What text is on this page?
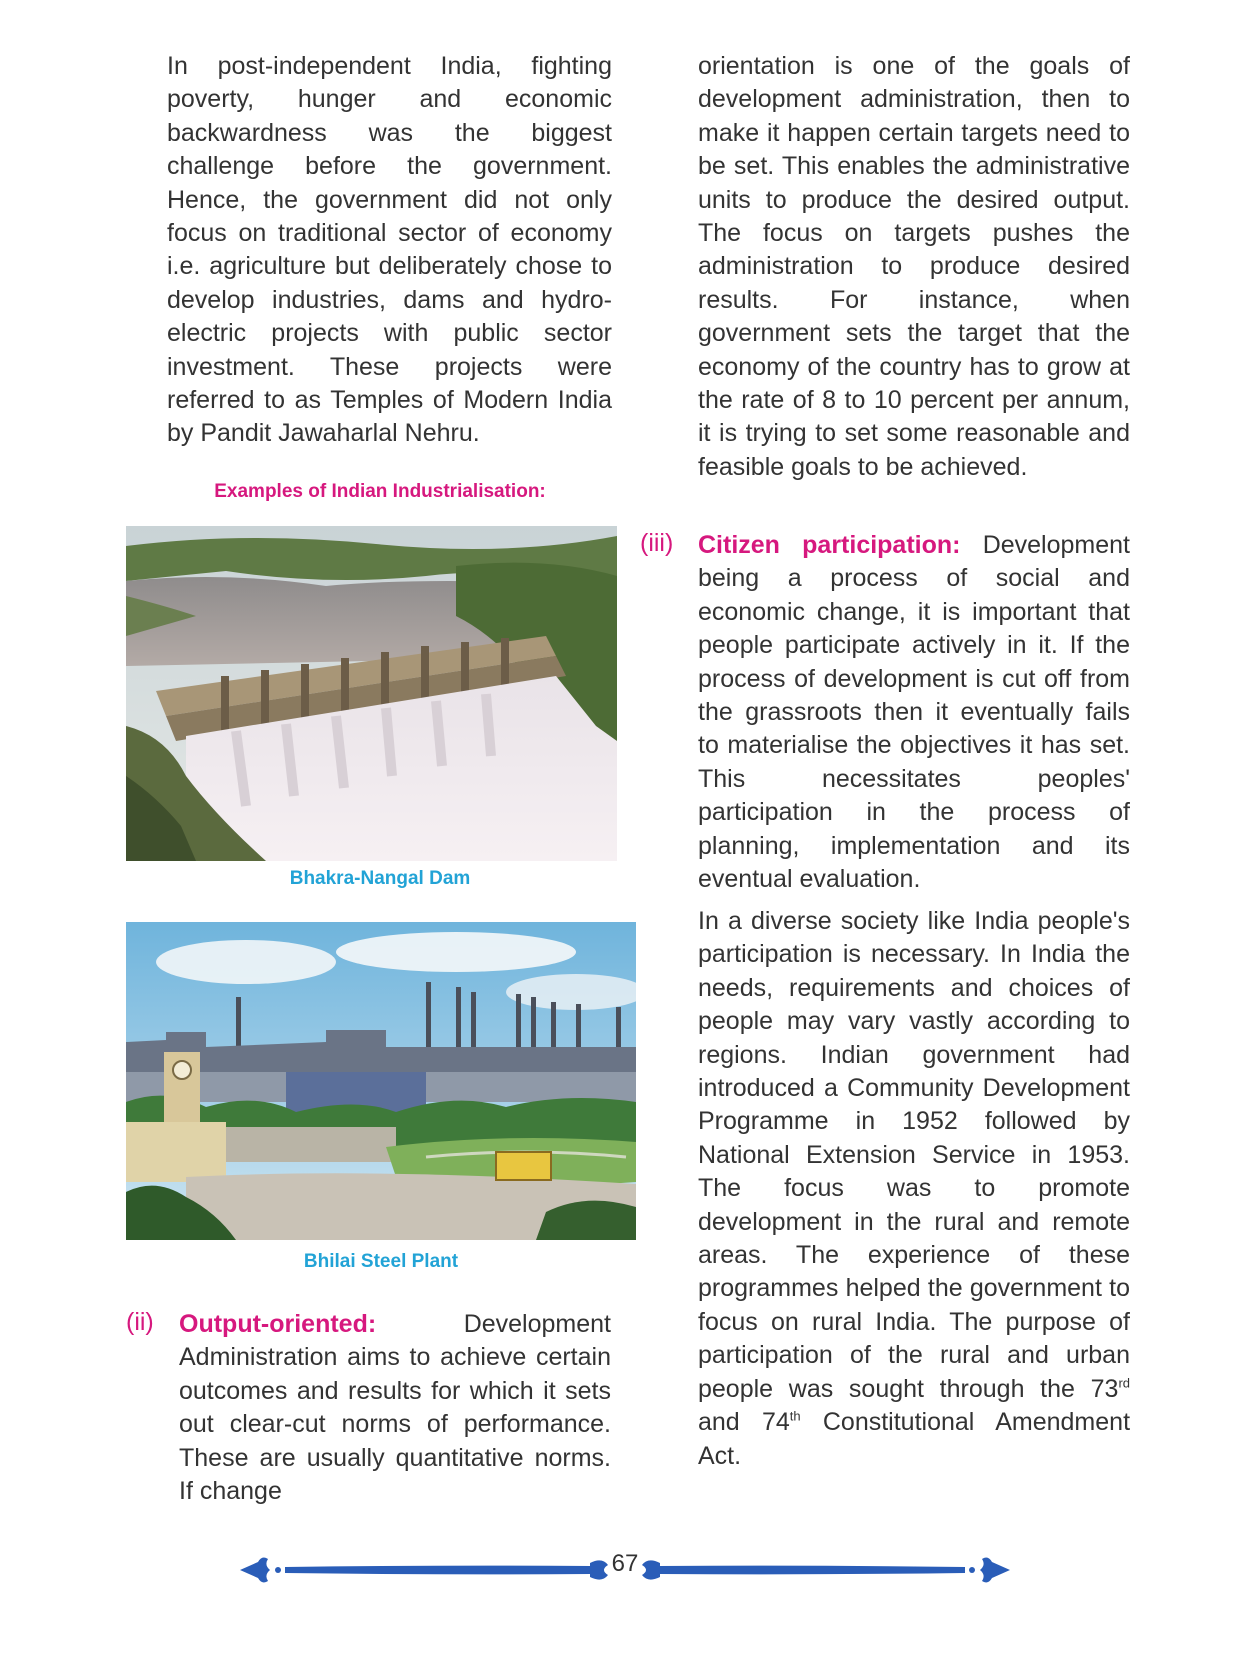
In post-independent India, fighting poverty, hunger and economic backwardness was the biggest challenge before the government. Hence, the government did not only focus on traditional sector of economy i.e. agriculture but deliberately chose to develop industries, dams and hydro-electric projects with public sector investment. These projects were referred to as Temples of Modern India by Pandit Jawaharlal Nehru.

Examples of Indian Industrialisation:
Bhakra-Nangal Dam
Bhilai Steel Plant
(ii) Output-oriented:	Development Administration aims to achieve certain outcomes and results for which it sets out clear-cut norms of performance. These are usually quantitative norms. If change

orientation is one of the goals of development administration, then to make it happen certain targets need to be set. This enables the administrative units to produce the desired output. The focus on targets pushes the administration to produce desired results. For instance, when government sets the target that the economy of the country has to grow at the rate of 8 to 10 percent per annum, it is trying to set some reasonable and feasible goals to be achieved.

(iii) Citizen participation: Development being a process of social and economic change, it is important that people participate actively in it. If the process of development is cut off from the grassroots then it eventually fails to materialise the objectives it has set. This necessitates peoples' participation in the process of planning, implementation and its eventual evaluation.

In a diverse society like India people's participation is necessary. In India the needs, requirements and choices of people may vary vastly according to regions. Indian government had introduced a Community Development Programme in 1952 followed by National Extension Service in 1953. The focus was to promote development in the rural and remote areas. The experience of these programmes helped the government to focus on rural India. The purpose of participation of the rural and urban people was sought through the 73rd and 74th Constitutional Amendment Act.

67
